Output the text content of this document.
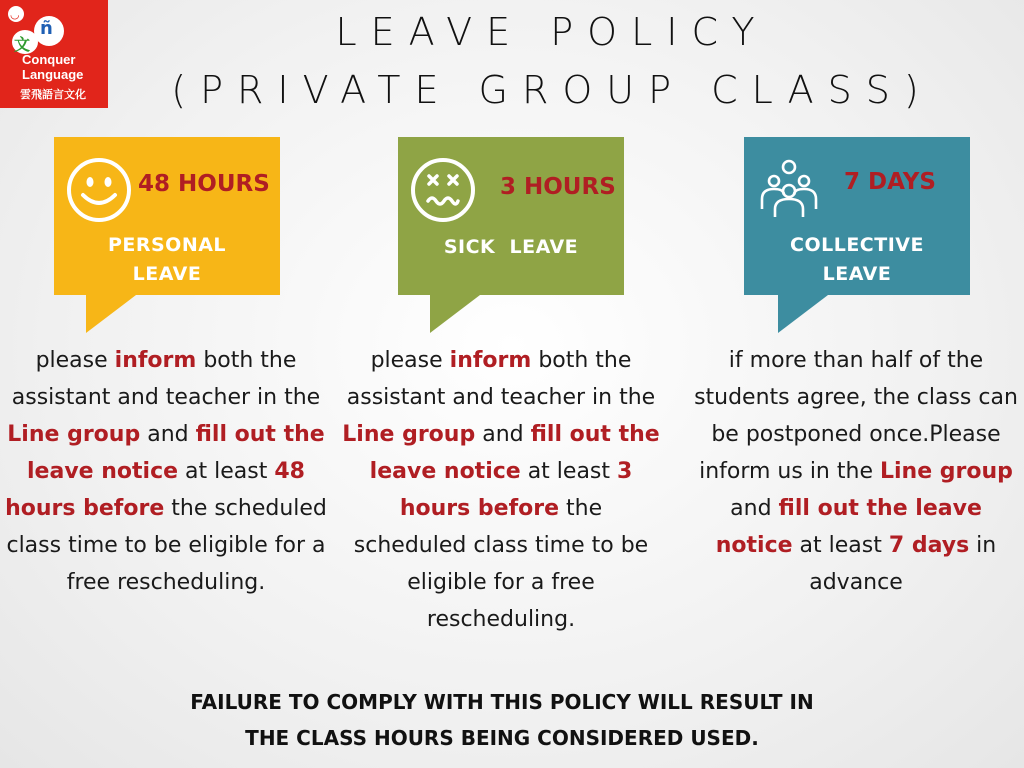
◡
文
ñ
Conquer
Language
雲飛語言文化
LEAVE POLICY
(PRIVATE GROUP CLASS)
48 HOURS
PERSONAL
LEAVE
3 HOURS
SICK  LEAVE
7 DAYS
COLLECTIVE
LEAVE

please inform both the assistant and teacher in the Line group and fill out the leave notice at least 48 hours before the scheduled class time to be eligible for a free rescheduling.

please inform both the assistant and teacher in the Line group and fill out the leave notice at least 3 hours before the scheduled class time to be eligible for a free rescheduling.

if more than half of the students agree, the class can be postponed once.Please inform us in the Line group and fill out the leave notice at least 7 days in advance

FAILURE TO COMPLY WITH THIS POLICY WILL RESULT IN
THE CLASS HOURS BEING CONSIDERED USED.
